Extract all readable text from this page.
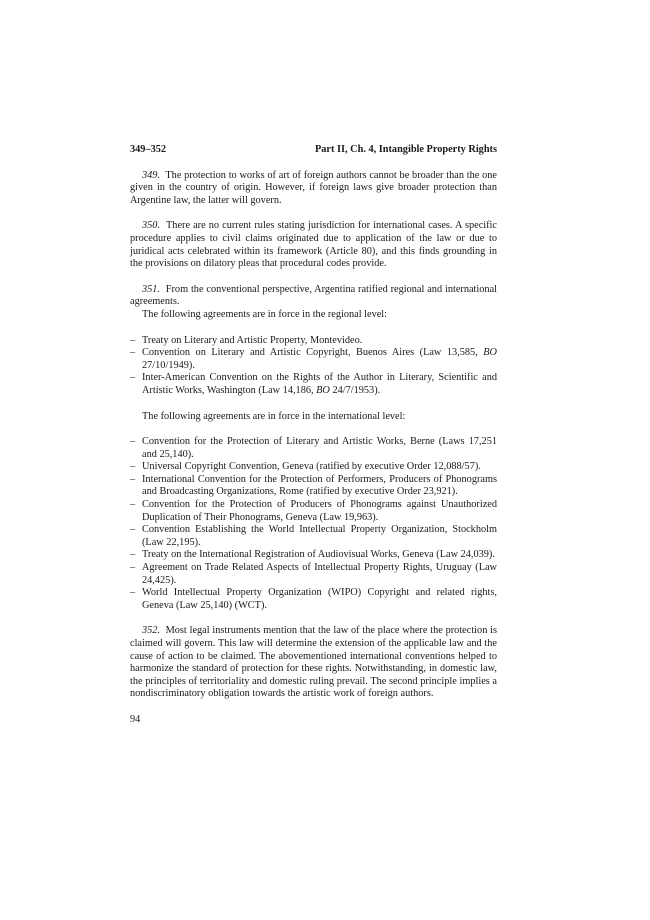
349–352	Part II, Ch. 4, Intangible Property Rights

349. The protection to works of art of foreign authors cannot be broader than the one given in the country of origin. However, if foreign laws give broader protection than Argentine law, the latter will govern.

350. There are no current rules stating jurisdiction for international cases. A specific procedure applies to civil claims originated due to application of the law or due to juridical acts celebrated within its framework (Article 80), and this finds grounding in the provisions on dilatory pleas that procedural codes provide.

351. From the conventional perspective, Argentina ratified regional and international agreements.

The following agreements are in force in the regional level:

– Treaty on Literary and Artistic Property, Montevideo.
– Convention on Literary and Artistic Copyright, Buenos Aires (Law 13,585, BO 27/10/1949).
– Inter-American Convention on the Rights of the Author in Literary, Scientific and Artistic Works, Washington (Law 14,186, BO 24/7/1953).

The following agreements are in force in the international level:

– Convention for the Protection of Literary and Artistic Works, Berne (Laws 17,251 and 25,140).
– Universal Copyright Convention, Geneva (ratified by executive Order 12,088/57).
– International Convention for the Protection of Performers, Producers of Phonograms and Broadcasting Organizations, Rome (ratified by executive Order 23,921).
– Convention for the Protection of Producers of Phonograms against Unauthorized Duplication of Their Phonograms, Geneva (Law 19,963).
– Convention Establishing the World Intellectual Property Organization, Stockholm (Law 22,195).
– Treaty on the International Registration of Audiovisual Works, Geneva (Law 24,039).
– Agreement on Trade Related Aspects of Intellectual Property Rights, Uruguay (Law 24,425).
– World Intellectual Property Organization (WIPO) Copyright and related rights, Geneva (Law 25,140) (WCT).

352. Most legal instruments mention that the law of the place where the protection is claimed will govern. This law will determine the extension of the applicable law and the cause of action to be claimed. The abovementioned international conventions helped to harmonize the standard of protection for these rights. Notwithstanding, in domestic law, the principles of territoriality and domestic ruling prevail. The second principle implies a nondiscriminatory obligation towards the artistic work of foreign authors.

94
